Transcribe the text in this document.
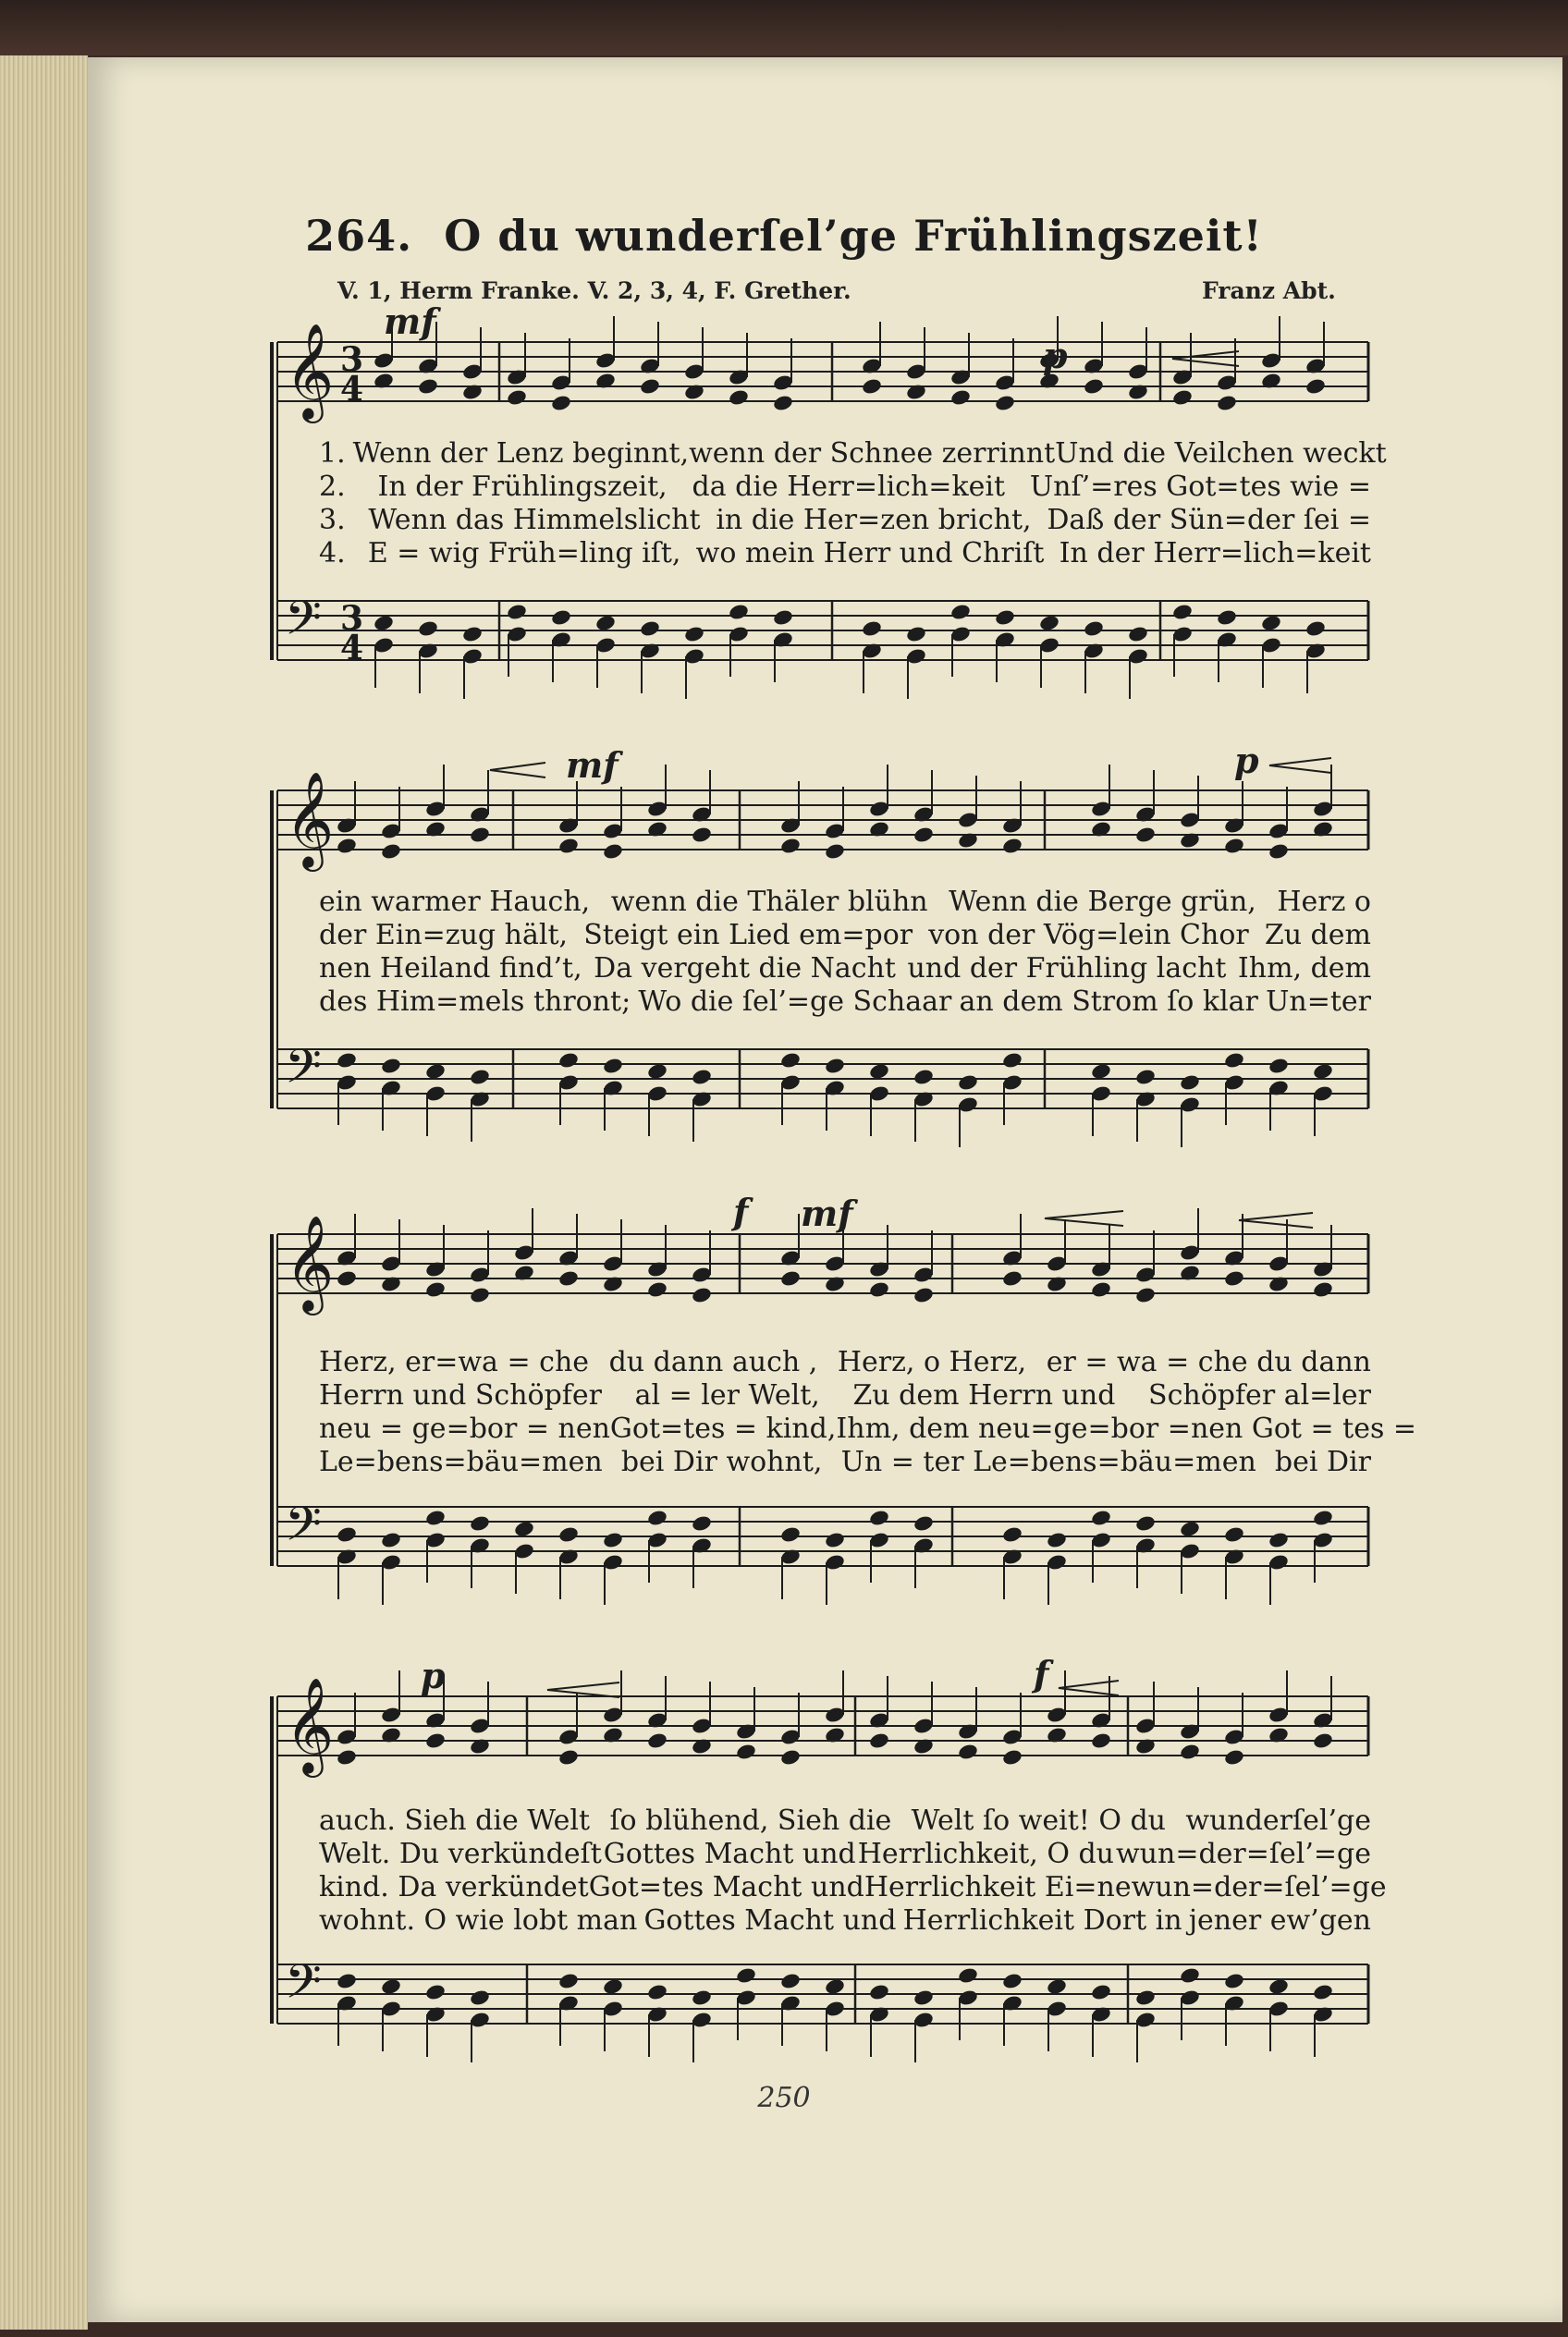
264. O du wunderſel’ge Frühlingszeit!
V. 1, Herm Franke. V. 2, 3, 4, F. Grether.	Franz Abt.
𝄞
𝄢
3
4
3
4
𝄞
𝄢
𝄞
𝄢
𝄞
𝄢
mf
p
mf	p
f mf
p	f
1. Wenn der Lenz beginnt, wenn der Schnee zerrinnt Und die Veilchen weckt
2. In der Frühlingszeit, da die Herr=lich=keit Unſ’=res Got=tes wie =
3. Wenn das Himmelslicht in die Her=zen bricht, Daß der Sün=der ſei =
4. E = wig Früh=ling iſt, wo mein Herr und Chriſt In der Herr=lich=keit
ein warmer Hauch, wenn die Thäler blühn Wenn die Berge grün, Herz o
der Ein=zug hält, Steigt ein Lied em=por von der Vög=lein Chor Zu dem
nen Heiland find’t, Da vergeht die Nacht und der Frühling lacht Ihm, dem
des Him=mels thront; Wo die ſel’=ge Schaar an dem Strom ſo klar Un=ter
Herz, er=wa = che du dann auch , Herz, o Herz, er = wa = che du dann
Herrn und Schöpfer al = ler Welt, Zu dem Herrn und Schöpfer al=ler
neu = ge=bor = nen Got=tes = kind, Ihm, dem neu=ge=bor = nen Got = tes =
Le=bens=bäu=men bei Dir wohnt, Un = ter Le=bens=bäu=men bei Dir
auch. Sieh die Welt ſo blühend, Sieh die Welt ſo weit! O du wunderſel’ge
Welt. Du verkündeſt Gottes Macht und Herrlichkeit, O du wun=der=ſel’=ge
kind. Da verkündet Got=tes Macht und Herrlichkeit Ei=ne wun=der=ſel’=ge
wohnt. O wie lobt man Gottes Macht und Herrlichkeit Dort in jener ew’gen
250
